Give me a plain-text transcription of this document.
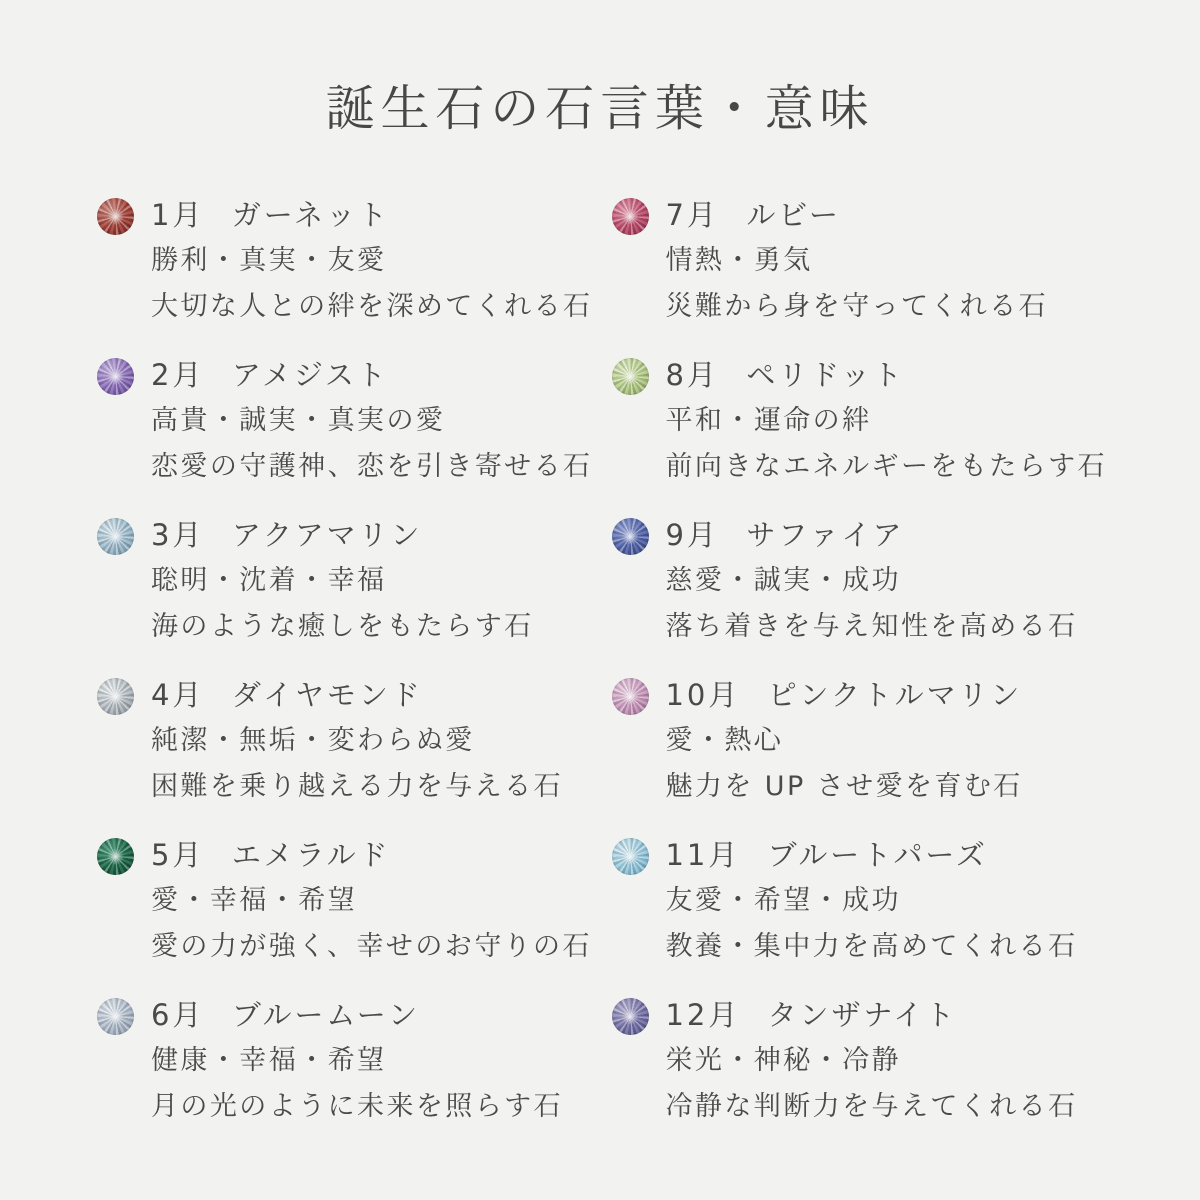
誕生石の石言葉・意味
1月 ガーネット
勝利・真実・友愛
大切な人との絆を深めてくれる石
2月 アメジスト
高貴・誠実・真実の愛
恋愛の守護神、恋を引き寄せる石
3月 アクアマリン
聡明・沈着・幸福
海のような癒しをもたらす石
4月 ダイヤモンド
純潔・無垢・変わらぬ愛
困難を乗り越える力を与える石
5月 エメラルド
愛・幸福・希望
愛の力が強く、幸せのお守りの石
6月 ブルームーン
健康・幸福・希望
月の光のように未来を照らす石
7月 ルビー
情熱・勇気
災難から身を守ってくれる石
8月 ペリドット
平和・運命の絆
前向きなエネルギーをもたらす石
9月 サファイア
慈愛・誠実・成功
落ち着きを与え知性を高める石
10月 ピンクトルマリン
愛・熱心
魅力を UP させ愛を育む石
11月 ブルートパーズ
友愛・希望・成功
教養・集中力を高めてくれる石
12月 タンザナイト
栄光・神秘・冷静
冷静な判断力を与えてくれる石
